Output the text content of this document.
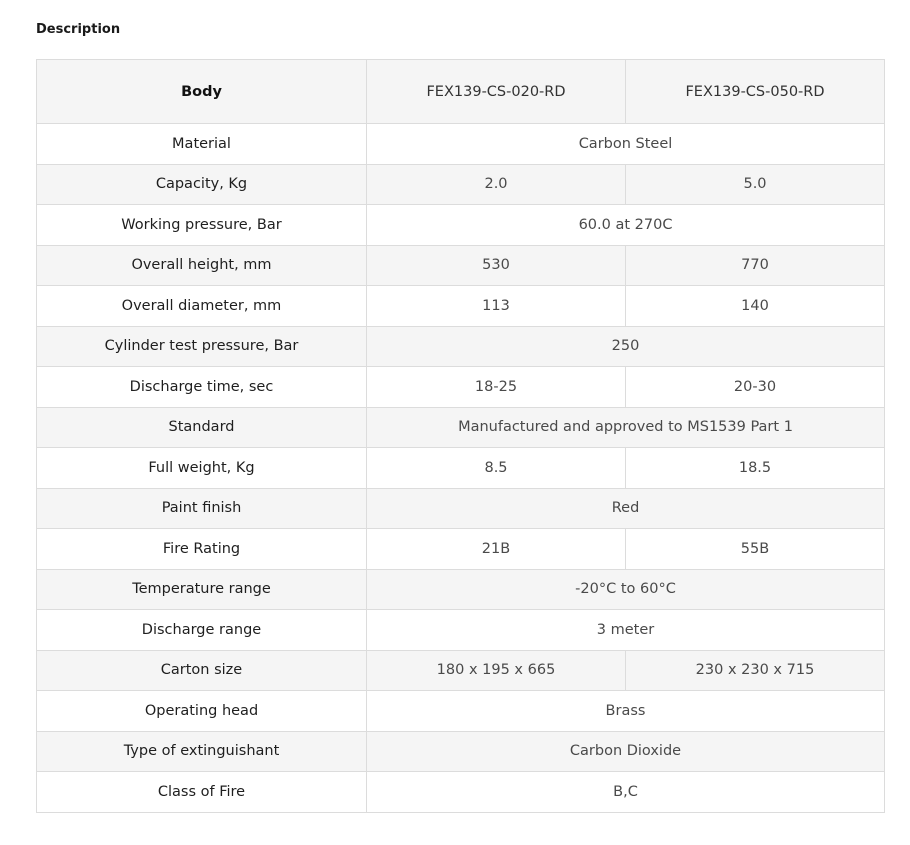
Description
Body	FEX139-CS-020-RD	FEX139-CS-050-RD
Material	Carbon Steel	
Capacity, Kg	2.0	5.0
Working pressure, Bar	60.0 at 270C	
Overall height, mm	530	770
Overall diameter, mm	113	140
Cylinder test pressure, Bar	250	
Discharge time, sec	18-25	20-30
Standard	Manufactured and approved to MS1539 Part 1	
Full weight, Kg	8.5	18.5
Paint finish	Red	
Fire Rating	21B	55B
Temperature range	-20°C to 60°C	
Discharge range	3 meter	
Carton size	180 x 195 x 665	230 x 230 x 715
Operating head	Brass	
Type of extinguishant	Carbon Dioxide	
Class of Fire	B,C	
